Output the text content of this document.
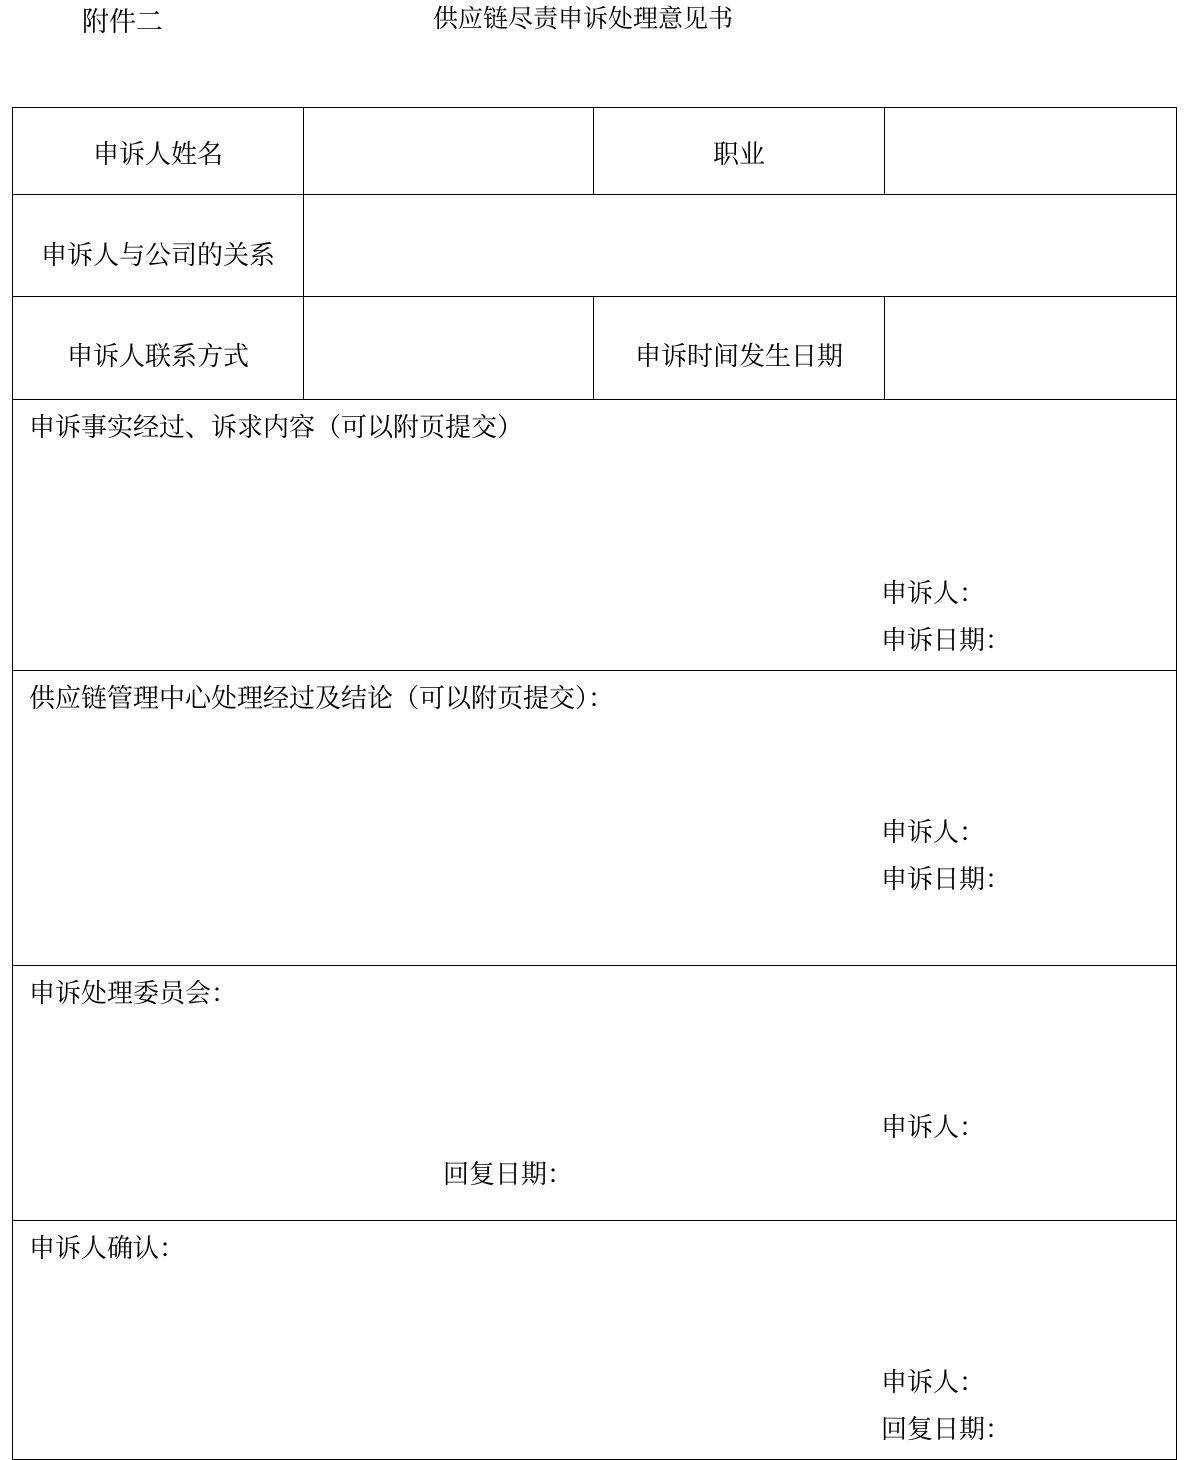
附件二	供应链尽责申诉处理意见书
申诉人姓名		职业	
申诉人与公司的关系			
申诉人联系方式		申诉时间发生日期	

申诉事实经过、诉求内容（可以附页提交）
申诉人：
申诉日期：			

供应链管理中心处理经过及结论（可以附页提交）：
申诉人：
申诉日期：			

申诉处理委员会：
申诉人：
回复日期：			

申诉人确认：
申诉人：
回复日期：			
